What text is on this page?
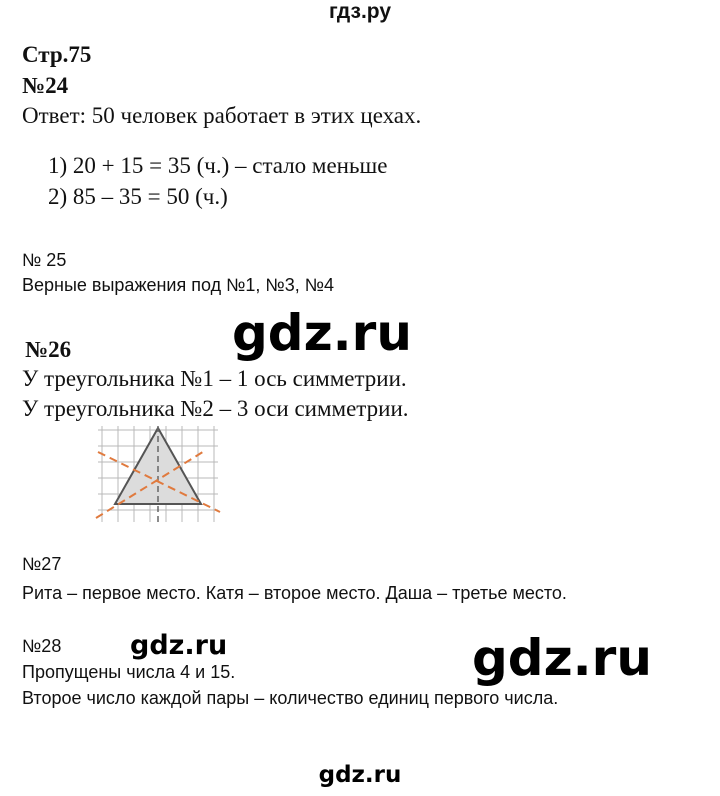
гдз.ру
Стр.75
№24
Ответ: 50 человек работает в этих цехах.
1) 20 + 15 = 35 (ч.) – стало меньше
2) 85 – 35 = 50 (ч.)
№ 25
Верные выражения под №1, №3, №4
№26
У треугольника №1 – 1 ось симметрии.
У треугольника №2 – 3 оси симметрии.
№27
Рита – первое место. Катя – второе место. Даша – третье место.
№28
Пропущены числа 4 и 15.
Второе число каждой пары – количество единиц первого числа.
gdz.ru
gdz.ru	gdz.ru
gdz.ru
